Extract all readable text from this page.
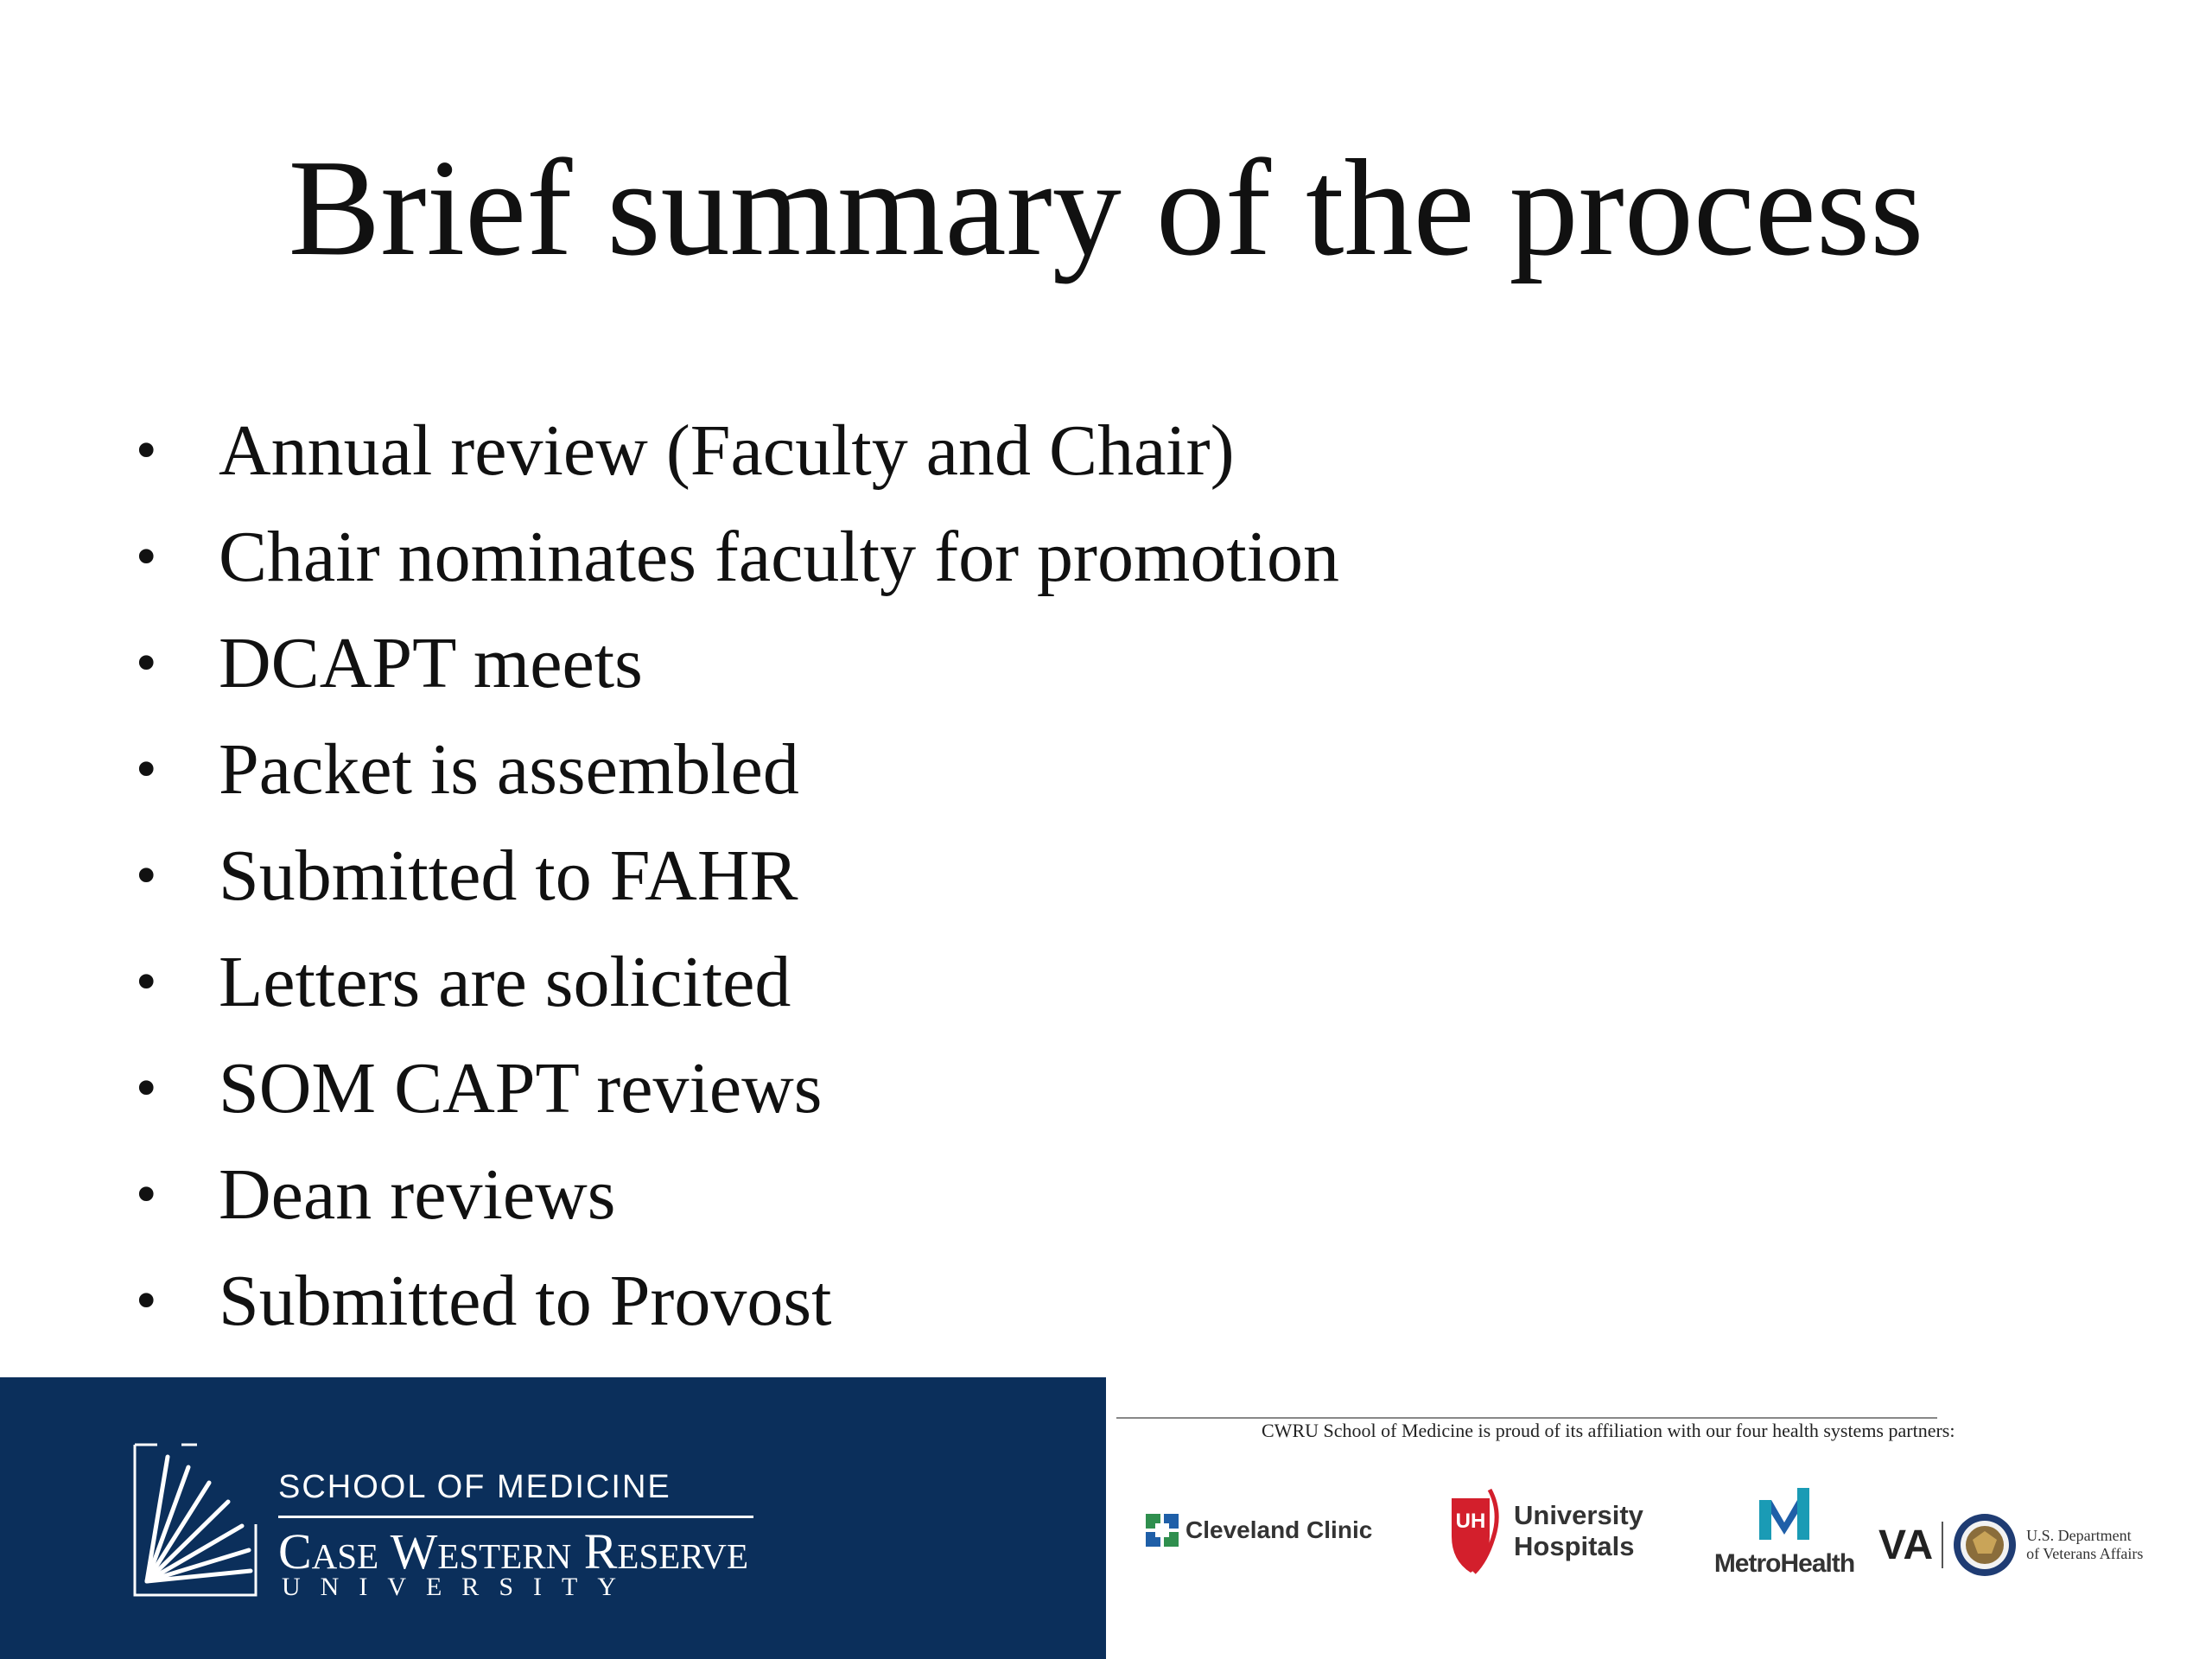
Brief summary of the process
• Annual review (Faculty and Chair)
• Chair nominates faculty for promotion
• DCAPT meets
• Packet is assembled
• Submitted to FAHR
• Letters are solicited
• SOM CAPT reviews
• Dean reviews
• Submitted to Provost
SCHOOL OF MEDICINE
Case Western Reserve
UNIVERSITY
CWRU School of Medicine is proud of its affiliation with our four health systems partners:
Cleveland Clinic	UH University
Hospitals
MetroHealth VA	U.S. Department
of Veterans Affairs
